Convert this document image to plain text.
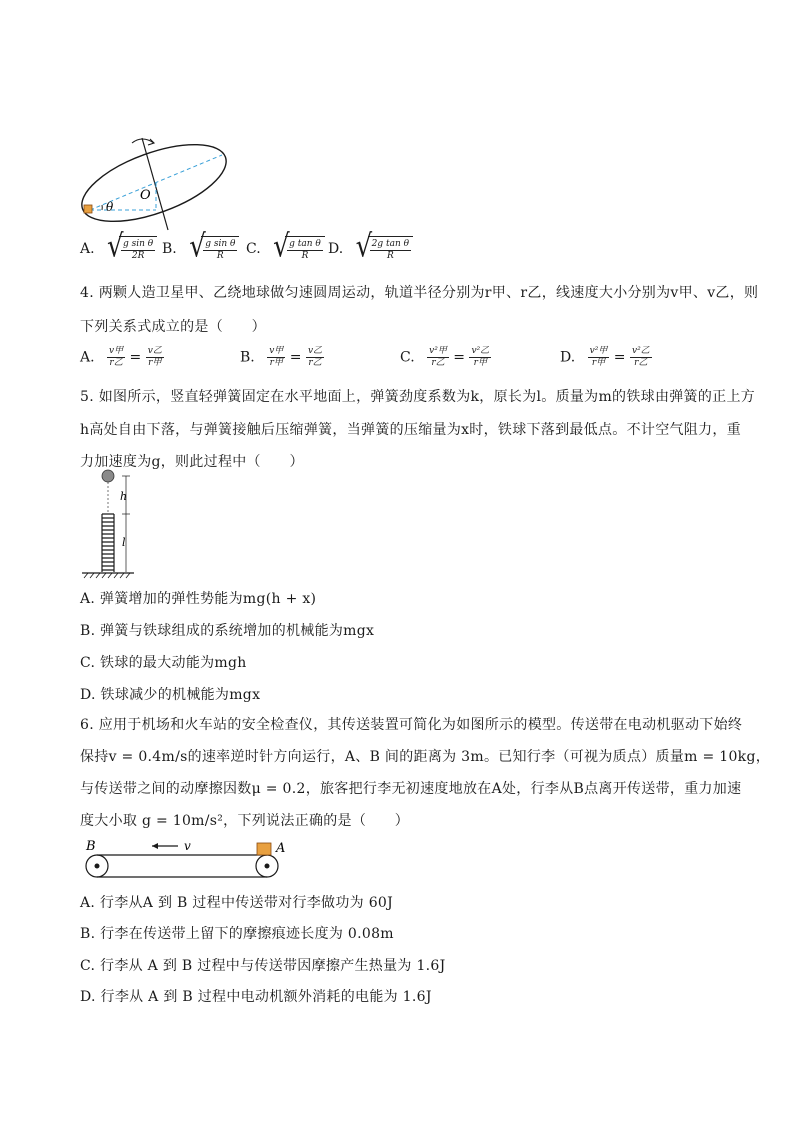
O
θ
A.	√ $\frac{\text{g sin θ}}{2R} B$.	√ $\frac{\text{g sin θ}}{R} C$.	√ $\frac{\text{g tan θ}}{R} D$.	√ $\frac{\text{2g tan θ}}{R}$
4. 两颗人造卫星甲、乙绕地球做匀速圆周运动，轨道半径分别为r甲、r乙，线速度大小分别为v甲、v乙，则
下列关系式成立的是（　　）
A. $\frac{\text{v甲}}{\text{r乙}} = \frac{\text{v乙}}{\text{r甲}}$	B. $\frac{\text{v甲}}{\text{r甲}} = \frac{\text{v乙}}{\text{r乙}}$	C. $\frac{\text{v²甲}}{\text{r乙}} = \frac{\text{v²乙}}{\text{r甲}}$	D. $\frac{\text{v²甲}}{\text{r甲}} = \frac{\text{v²乙}}{\text{r乙}}$
5. 如图所示，竖直轻弹簧固定在水平地面上，弹簧劲度系数为k，原长为l。质量为m的铁球由弹簧的正上方
h高处自由下落，与弹簧接触后压缩弹簧，当弹簧的压缩量为x时，铁球下落到最低点。不计空气阻力，重
力加速度为g，则此过程中（　　）
h
l
A. 弹簧增加的弹性势能为mg(h + x)
B. 弹簧与铁球组成的系统增加的机械能为mgx
C. 铁球的最大动能为mgh
D. 铁球减少的机械能为mgx
6. 应用于机场和火车站的安全检查仪，其传送装置可简化为如图所示的模型。传送带在电动机驱动下始终
保持v = 0.4m/s的速率逆时针方向运行，A、B 间的距离为 3m。已知行李（可视为质点）质量m = 10kg，
与传送带之间的动摩擦因数μ = 0.2，旅客把行李无初速度地放在A处，行李从B点离开传送带，重力加速
度大小取 g = 10m/s²，下列说法正确的是（　　）
v
B	A
A. 行李从A 到 B 过程中传送带对行李做功为 60J
B. 行李在传送带上留下的摩擦痕迹长度为 0.08m
C. 行李从 A 到 B 过程中与传送带因摩擦产生热量为 1.6J
D. 行李从 A 到 B 过程中电动机额外消耗的电能为 1.6J
